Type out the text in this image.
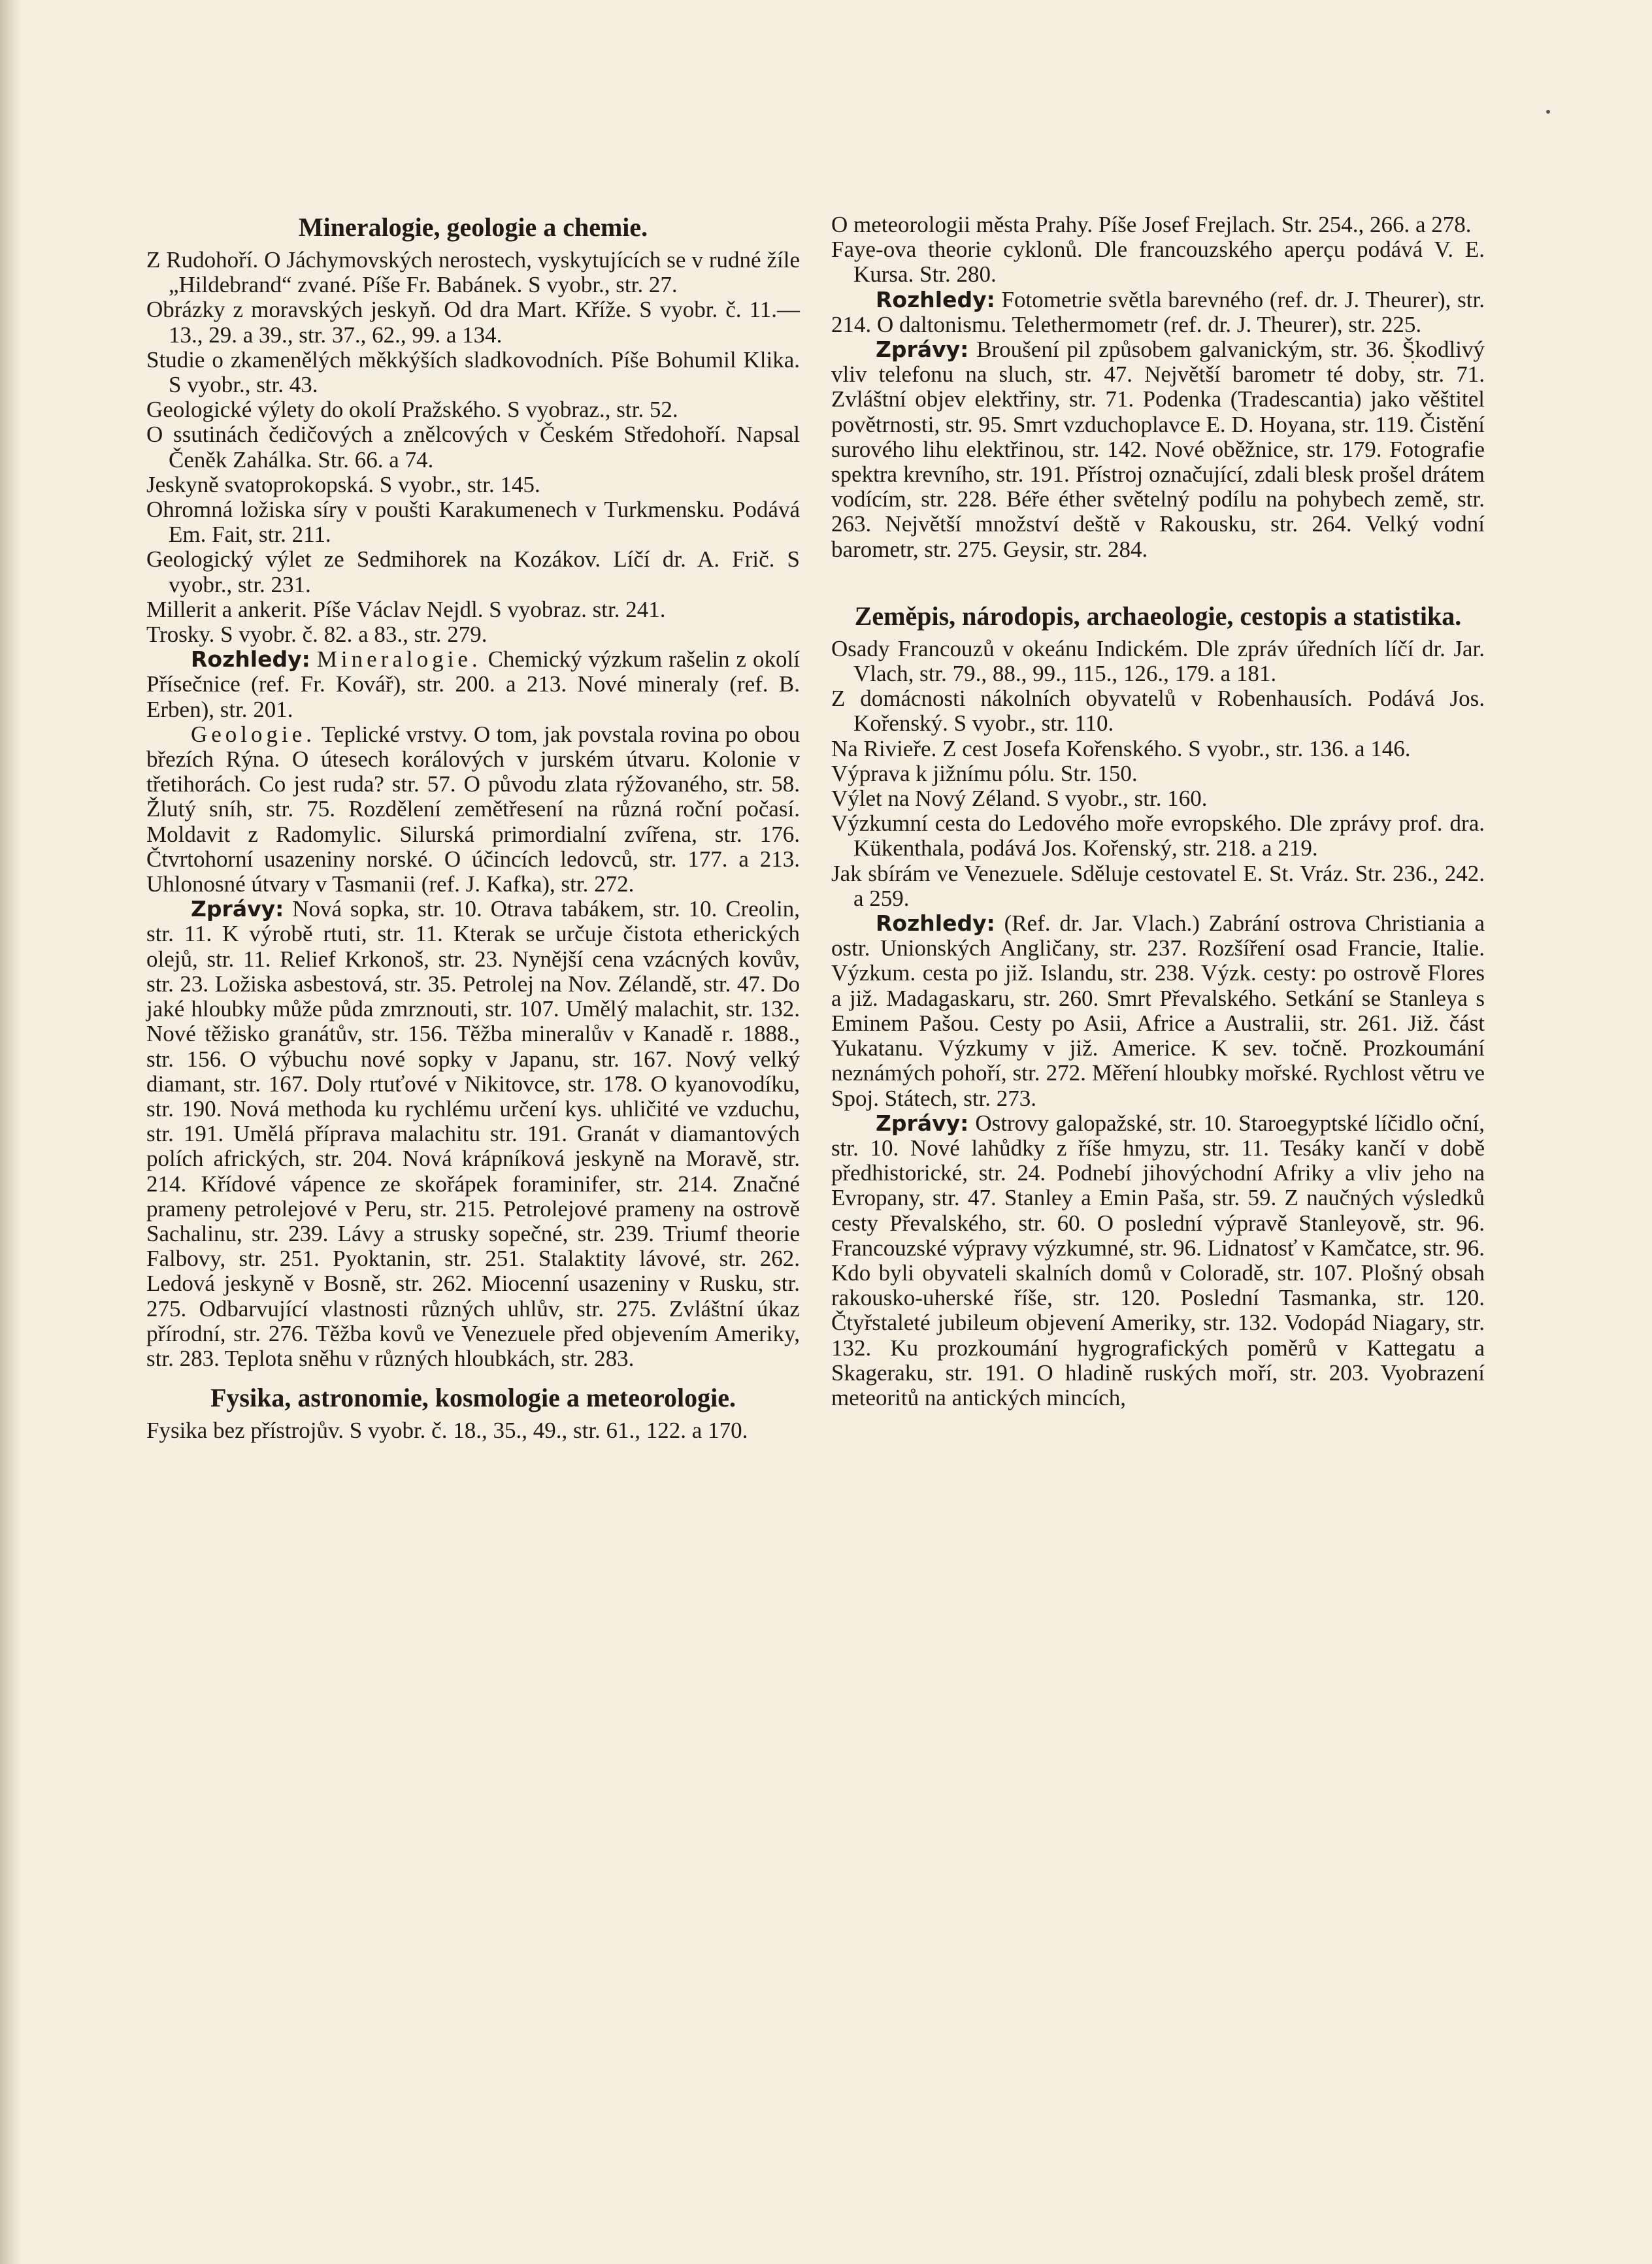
Mineralogie, geologie a chemie.

Z Rudohoří. O Jáchymovských nerostech, vyskytujících se v rudné žíle „Hildebrand“ zvané. Píše Fr. Babánek. S vyobr., str. 27.

Obrázky z moravských jeskyň. Od dra Mart. Kříže. S vyobr. č. 11.—13., 29. a 39., str. 37., 62., 99. a 134.

Studie o zkamenělých měkkýších sladkovodních. Píše Bohumil Klika. S vyobr., str. 43.

Geologické výlety do okolí Pražského. S vyobraz., str. 52.

O ssutinách čedičových a znělcových v Českém Středohoří. Napsal Čeněk Zahálka. Str. 66. a 74.

Jeskyně svatoprokopská. S vyobr., str. 145.

Ohromná ložiska síry v poušti Karakumenech v Turkmensku. Podává Em. Fait, str. 211.

Geologický výlet ze Sedmihorek na Kozákov. Líčí dr. A. Frič. S vyobr., str. 231.

Millerit a ankerit. Píše Václav Nejdl. S vyobraz. str. 241.

Trosky. S vyobr. č. 82. a 83., str. 279.

Rozhledy: Mineralogie. Chemický výzkum rašelin z okolí Přísečnice (ref. Fr. Kovář), str. 200. a 213. Nové mineraly (ref. B. Erben), str. 201.

Geologie. Teplické vrstvy. O tom, jak povstala rovina po obou březích Rýna. O útesech korálových v jurském útvaru. Kolonie v třetihorách. Co jest ruda? str. 57. O původu zlata rýžovaného, str. 58. Žlutý sníh, str. 75. Rozdělení zemětřesení na různá roční počasí. Moldavit z Radomylic. Silurská primordialní zvířena, str. 176. Čtvrtohorní usazeniny norské. O účincích ledovců, str. 177. a 213. Uhlonosné útvary v Tasmanii (ref. J. Kafka), str. 272.

Zprávy: Nová sopka, str. 10. Otrava tabákem, str. 10. Creolin, str. 11. K výrobě rtuti, str. 11. Kterak se určuje čistota etherických olejů, str. 11. Relief Krkonoš, str. 23. Nynější cena vzácných kovův, str. 23. Ložiska asbestová, str. 35. Petrolej na Nov. Zélandě, str. 47. Do jaké hloubky může půda zmrznouti, str. 107. Umělý malachit, str. 132. Nové těžisko granátův, str. 156. Těžba mineralův v Kanadě r. 1888., str. 156. O výbuchu nové sopky v Japanu, str. 167. Nový velký diamant, str. 167. Doly rtuťové v Nikitovce, str. 178. O kyanovodíku, str. 190. Nová methoda ku rychlému určení kys. uhličité ve vzduchu, str. 191. Umělá příprava malachitu str. 191. Granát v diamantových polích afrických, str. 204. Nová krápníková jeskyně na Moravě, str. 214. Křídové vápence ze skořápek foraminifer, str. 214. Značné prameny petrolejové v Peru, str. 215. Petrolejové prameny na ostrově Sachalinu, str. 239. Lávy a strusky sopečné, str. 239. Triumf theorie Falbovy, str. 251. Pyoktanin, str. 251. Stalaktity lávové, str. 262. Ledová jeskyně v Bosně, str. 262. Miocenní usazeniny v Rusku, str. 275. Odbarvující vlastnosti různých uhlův, str. 275. Zvláštní úkaz přírodní, str. 276. Těžba kovů ve Venezuele před objevením Ameriky, str. 283. Teplota sněhu v různých hloubkách, str. 283.

Fysika, astronomie, kosmologie a meteorologie.

Fysika bez přístrojův. S vyobr. č. 18., 35., 49., str. 61., 122. a 170.

O meteorologii města Prahy. Píše Josef Frejlach. Str. 254., 266. a 278.

Faye-ova theorie cyklonů. Dle francouzského aperçu podává V. E. Kursa. Str. 280.

Rozhledy: Fotometrie světla barevného (ref. dr. J. Theurer), str. 214. O daltonismu. Telethermometr (ref. dr. J. Theurer), str. 225.

Zprávy: Broušení pil způsobem galvanickým, str. 36. Škodlivý vliv telefonu na sluch, str. 47. Největší barometr té doby, str. 71. Zvláštní objev elektřiny, str. 71. Podenka (Tradescantia) jako věštitel povětrnosti, str. 95. Smrt vzduchoplavce E. D. Hoyana, str. 119. Čistění surového lihu elektřinou, str. 142. Nové oběžnice, str. 179. Fotografie spektra krevního, str. 191. Přístroj označující, zdali blesk prošel drátem vodícím, str. 228. Béře éther světelný podílu na pohybech země, str. 263. Největší množství deště v Rakousku, str. 264. Velký vodní barometr, str. 275. Geysir, str. 284.

Zeměpis, národopis, archaeologie, cestopis a statistika.

Osady Francouzů v okeánu Indickém. Dle zpráv úředních líčí dr. Jar. Vlach, str. 79., 88., 99., 115., 126., 179. a 181.

Z domácnosti nákolních obyvatelů v Robenhausích. Podává Jos. Kořenský. S vyobr., str. 110.

Na Rivieře. Z cest Josefa Kořenského. S vyobr., str. 136. a 146.

Výprava k jižnímu pólu. Str. 150.

Výlet na Nový Zéland. S vyobr., str. 160.

Výzkumní cesta do Ledového moře evropského. Dle zprávy prof. dra. Kükenthala, podává Jos. Kořenský, str. 218. a 219.

Jak sbírám ve Venezuele. Sděluje cestovatel E. St. Vráz. Str. 236., 242. a 259.

Rozhledy: (Ref. dr. Jar. Vlach.) Zabrání ostrova Christiania a ostr. Unionských Angličany, str. 237. Rozšíření osad Francie, Italie. Výzkum. cesta po již. Islandu, str. 238. Výzk. cesty: po ostrově Flores a již. Madagaskaru, str. 260. Smrt Převalského. Setkání se Stanleya s Eminem Pašou. Cesty po Asii, Africe a Australii, str. 261. Již. část Yukatanu. Výzkumy v již. Americe. K sev. točně. Prozkoumání neznámých pohoří, str. 272. Měření hloubky mořské. Rychlost větru ve Spoj. Státech, str. 273.

Zprávy: Ostrovy galopažské, str. 10. Staroegyptské líčidlo oční, str. 10. Nové lahůdky z říše hmyzu, str. 11. Tesáky kančí v době předhistorické, str. 24. Podnebí jihovýchodní Afriky a vliv jeho na Evropany, str. 47. Stanley a Emin Paša, str. 59. Z naučných výsledků cesty Převalského, str. 60. O poslední výpravě Stanleyově, str. 96. Francouzské výpravy výzkumné, str. 96. Lidnatosť v Kamčatce, str. 96. Kdo byli obyvateli skalních domů v Coloradě, str. 107. Plošný obsah rakousko-uherské říše, str. 120. Poslední Tasmanka, str. 120. Čtyřstaleté jubileum objevení Ameriky, str. 132. Vodopád Niagary, str. 132. Ku prozkoumání hygrografických poměrů v Kattegatu a Skageraku, str. 191. O hladině ruských moří, str. 203. Vyobrazení meteoritů na antických mincích,
